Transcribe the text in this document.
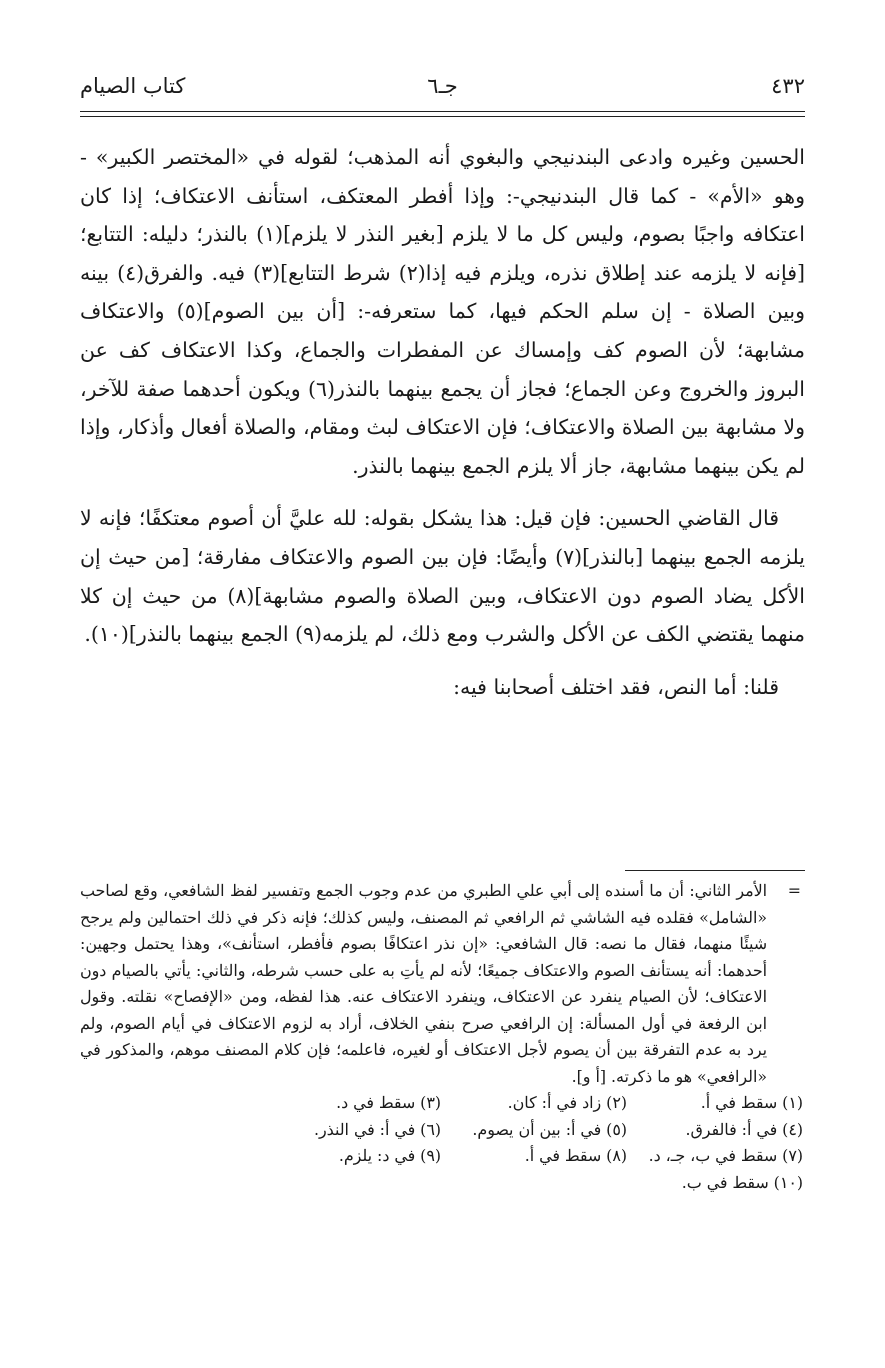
٤٣٢
جـ٦
كتاب الصيام

الحسين وغيره وادعى البندنيجي والبغوي أنه المذهب؛ لقوله في «المختصر الكبير» - وهو «الأم» - كما قال البندنيجي-: وإذا أفطر المعتكف، استأنف الاعتكاف؛ إذا كان اعتكافه واجبًا بصوم، وليس كل ما لا يلزم [بغير النذر لا يلزم](١) بالنذر؛ دليله: التتابع؛ [فإنه لا يلزمه عند إطلاق نذره، ويلزم فيه إذا(٢) شرط التتابع](٣) فيه. والفرق(٤) بينه وبين الصلاة - إن سلم الحكم فيها، كما ستعرفه-: [أن بين الصوم](٥) والاعتكاف مشابهة؛ لأن الصوم كف وإمساك عن المفطرات والجماع، وكذا الاعتكاف كف عن البروز والخروج وعن الجماع؛ فجاز أن يجمع بينهما بالنذر(٦) ويكون أحدهما صفة للآخر، ولا مشابهة بين الصلاة والاعتكاف؛ فإن الاعتكاف لبث ومقام، والصلاة أفعال وأذكار، وإذا لم يكن بينهما مشابهة، جاز ألا يلزم الجمع بينهما بالنذر.

قال القاضي الحسين: فإن قيل: هذا يشكل بقوله: لله عليَّ أن أصوم معتكفًا؛ فإنه لا يلزمه الجمع بينهما [بالنذر](٧) وأيضًا: فإن بين الصوم والاعتكاف مفارقة؛ [من حيث إن الأكل يضاد الصوم دون الاعتكاف، وبين الصلاة والصوم مشابهة](٨) من حيث إن كلا منهما يقتضي الكف عن الأكل والشرب ومع ذلك، لم يلزمه(٩) الجمع بينهما بالنذر](١٠).

قلنا: أما النص، فقد اختلف أصحابنا فيه:

=
الأمر الثاني: أن ما أسنده إلى أبي علي الطبري من عدم وجوب الجمع وتفسير لفظ الشافعي، وقع لصاحب «الشامل» فقلده فيه الشاشي ثم الرافعي ثم المصنف، وليس كذلك؛ فإنه ذكر في ذلك احتمالين ولم يرجح شيئًا منهما، فقال ما نصه: قال الشافعي: «إن نذر اعتكافًا بصوم فأفطر، استأنف»، وهذا يحتمل وجهين: أحدهما: أنه يستأنف الصوم والاعتكاف جميعًا؛ لأنه لم يأتِ به على حسب شرطه، والثاني: يأتي بالصيام دون الاعتكاف؛ لأن الصيام ينفرد عن الاعتكاف، وينفرد الاعتكاف عنه. هذا لفظه، ومن «الإفصاح» نقلته. وقول ابن الرفعة في أول المسألة: إن الرافعي صرح بنفي الخلاف، أراد به لزوم الاعتكاف في أيام الصوم، ولم يرد به عدم التفرقة بين أن يصوم لأجل الاعتكاف أو لغيره، فاعلمه؛ فإن كلام المصنف موهم، والمذكور في «الرافعي» هو ما ذكرته. [أ و].

(١) سقط في أ.
(٢) زاد في أ: كان.
(٣) سقط في د.
(٤) في أ: فالفرق.
(٥) في أ: بين أن يصوم.
(٦) في أ: في النذر.
(٧) سقط في ب، جـ، د.
(٨) سقط في أ.
(٩) في د: يلزم.
(١٠) سقط في ب.
